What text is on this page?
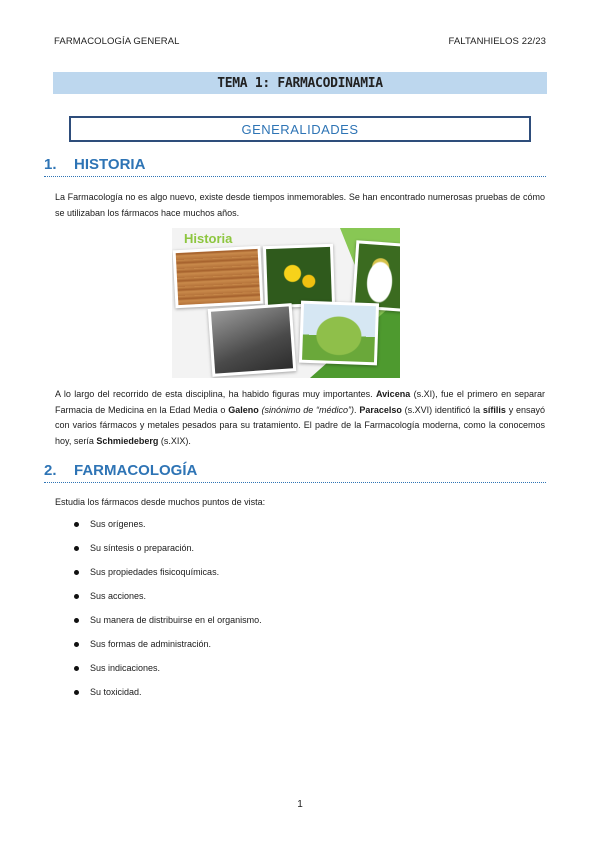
FARMACOLOGÍA GENERAL	FALTANHIELOS 22/23
TEMA 1: FARMACODINAMIA
GENERALIDADES
1. HISTORIA
La Farmacología no es algo nuevo, existe desde tiempos inmemorables. Se han encontrado numerosas pruebas de cómo se utilizaban los fármacos hace muchos años.
Historia
A lo largo del recorrido de esta disciplina, ha habido figuras muy importantes. Avicena (s.XI), fue el primero en separar Farmacia de Medicina en la Edad Media o Galeno (sinónimo de “médico”). Paracelso (s.XVI) identificó la sífilis y ensayó con varios fármacos y metales pesados para su tratamiento. El padre de la Farmacología moderna, como la conocemos hoy, sería Schmiedeberg (s.XIX).
2. FARMACOLOGÍA
Estudia los fármacos desde muchos puntos de vista:
Sus orígenes.
Su síntesis o preparación.
Sus propiedades fisicoquímicas.
Sus acciones.
Su manera de distribuirse en el organismo.
Sus formas de administración.
Sus indicaciones.
Su toxicidad.
1
